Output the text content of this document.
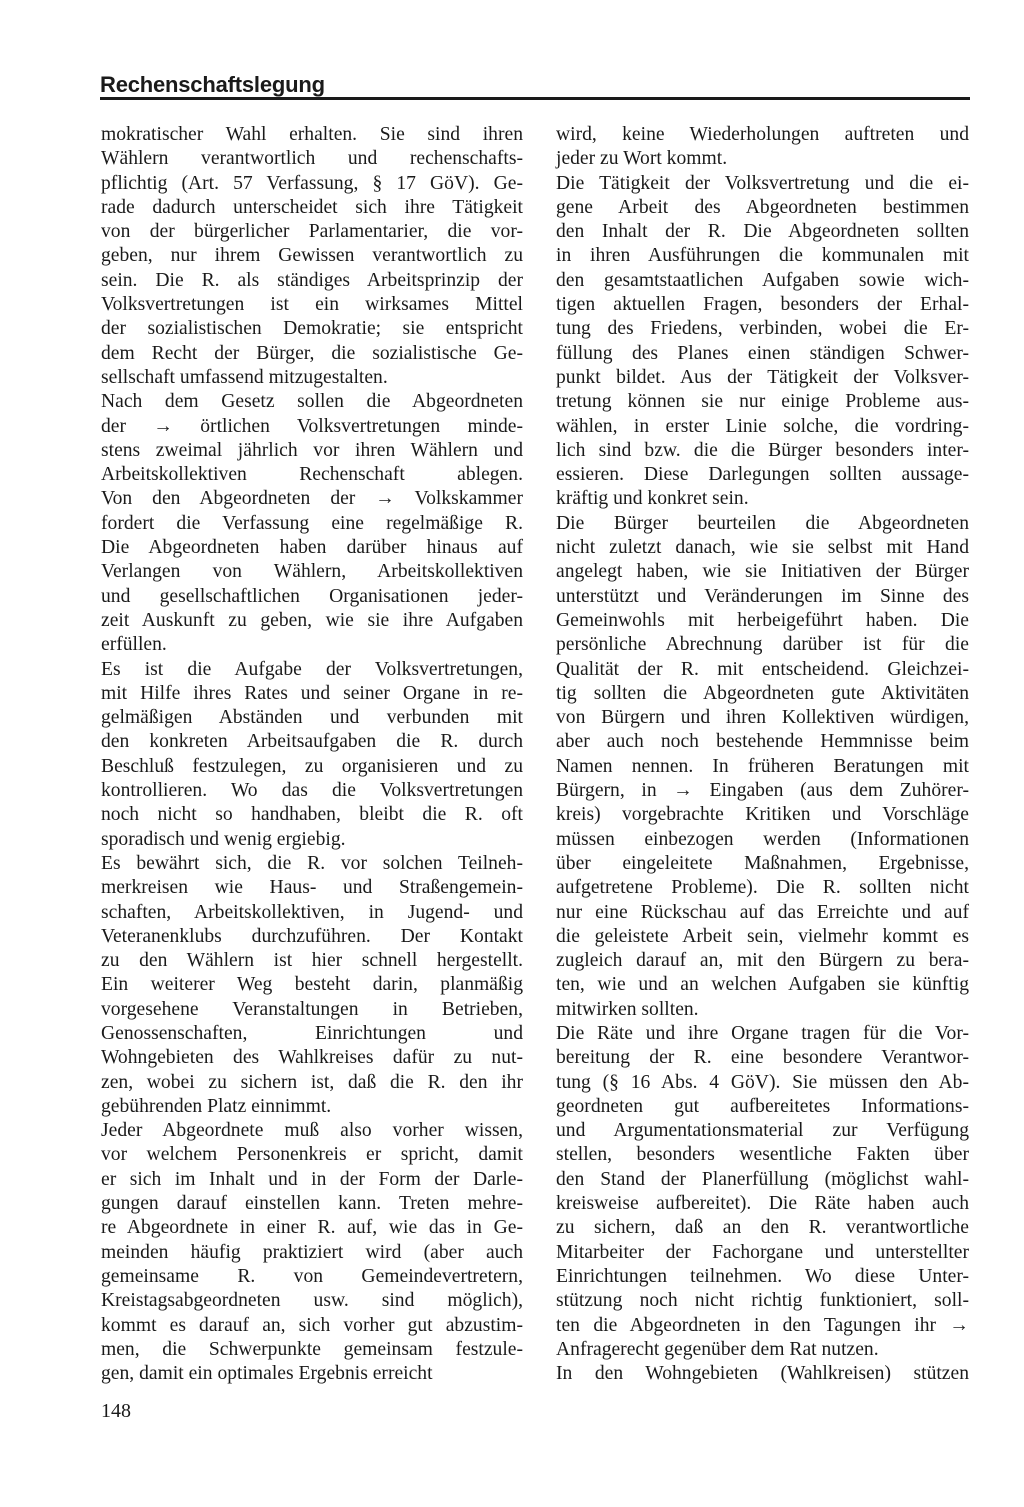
Rechenschaftslegung
mokratischer Wahl erhalten. Sie sind ihren
Wählern verantwortlich und rechenschafts-
pflichtig (Art. 57 Verfassung, § 17 GöV). Ge-
rade dadurch unterscheidet sich ihre Tätigkeit
von der bürgerlicher Parlamentarier, die vor-
geben, nur ihrem Gewissen verantwortlich zu
sein. Die R. als ständiges Arbeitsprinzip der
Volksvertretungen ist ein wirksames Mittel
der sozialistischen Demokratie; sie entspricht
dem Recht der Bürger, die sozialistische Ge-
sellschaft umfassend mitzugestalten.
Nach dem Gesetz sollen die Abgeordneten
der → örtlichen Volksvertretungen minde-
stens zweimal jährlich vor ihren Wählern und
Arbeitskollektiven Rechenschaft ablegen.
Von den Abgeordneten der → Volkskammer
fordert die Verfassung eine regelmäßige R.
Die Abgeordneten haben darüber hinaus auf
Verlangen von Wählern, Arbeitskollektiven
und gesellschaftlichen Organisationen jeder-
zeit Auskunft zu geben, wie sie ihre Aufgaben
erfüllen.
Es ist die Aufgabe der Volksvertretungen,
mit Hilfe ihres Rates und seiner Organe in re-
gelmäßigen Abständen und verbunden mit
den konkreten Arbeitsaufgaben die R. durch
Beschluß festzulegen, zu organisieren und zu
kontrollieren. Wo das die Volksvertretungen
noch nicht so handhaben, bleibt die R. oft
sporadisch und wenig ergiebig.
Es bewährt sich, die R. vor solchen Teilneh-
merkreisen wie Haus- und Straßengemein-
schaften, Arbeitskollektiven, in Jugend- und
Veteranenklubs durchzuführen. Der Kontakt
zu den Wählern ist hier schnell hergestellt.
Ein weiterer Weg besteht darin, planmäßig
vorgesehene Veranstaltungen in Betrieben,
Genossenschaften, Einrichtungen und
Wohngebieten des Wahlkreises dafür zu nut-
zen, wobei zu sichern ist, daß die R. den ihr
gebührenden Platz einnimmt.
Jeder Abgeordnete muß also vorher wissen,
vor welchem Personenkreis er spricht, damit
er sich im Inhalt und in der Form der Darle-
gungen darauf einstellen kann. Treten mehre-
re Abgeordnete in einer R. auf, wie das in Ge-
meinden häufig praktiziert wird (aber auch
gemeinsame R. von Gemeindevertretern,
Kreistagsabgeordneten usw. sind möglich),
kommt es darauf an, sich vorher gut abzustim-
men, die Schwerpunkte gemeinsam festzule-
gen, damit ein optimales Ergebnis erreicht
wird, keine Wiederholungen auftreten und
jeder zu Wort kommt.
Die Tätigkeit der Volksvertretung und die ei-
gene Arbeit des Abgeordneten bestimmen
den Inhalt der R. Die Abgeordneten sollten
in ihren Ausführungen die kommunalen mit
den gesamtstaatlichen Aufgaben sowie wich-
tigen aktuellen Fragen, besonders der Erhal-
tung des Friedens, verbinden, wobei die Er-
füllung des Planes einen ständigen Schwer-
punkt bildet. Aus der Tätigkeit der Volksver-
tretung können sie nur einige Probleme aus-
wählen, in erster Linie solche, die vordring-
lich sind bzw. die die Bürger besonders inter-
essieren. Diese Darlegungen sollten aussage-
kräftig und konkret sein.
Die Bürger beurteilen die Abgeordneten
nicht zuletzt danach, wie sie selbst mit Hand
angelegt haben, wie sie Initiativen der Bürger
unterstützt und Veränderungen im Sinne des
Gemeinwohls mit herbeigeführt haben. Die
persönliche Abrechnung darüber ist für die
Qualität der R. mit entscheidend. Gleichzei-
tig sollten die Abgeordneten gute Aktivitäten
von Bürgern und ihren Kollektiven würdigen,
aber auch noch bestehende Hemmnisse beim
Namen nennen. In früheren Beratungen mit
Bürgern, in → Eingaben (aus dem Zuhörer-
kreis) vorgebrachte Kritiken und Vorschläge
müssen einbezogen werden (Informationen
über eingeleitete Maßnahmen, Ergebnisse,
aufgetretene Probleme). Die R. sollten nicht
nur eine Rückschau auf das Erreichte und auf
die geleistete Arbeit sein, vielmehr kommt es
zugleich darauf an, mit den Bürgern zu bera-
ten, wie und an welchen Aufgaben sie künftig
mitwirken sollten.
Die Räte und ihre Organe tragen für die Vor-
bereitung der R. eine besondere Verantwor-
tung (§ 16 Abs. 4 GöV). Sie müssen den Ab-
geordneten gut aufbereitetes Informations-
und Argumentationsmaterial zur Verfügung
stellen, besonders wesentliche Fakten über
den Stand der Planerfüllung (möglichst wahl-
kreisweise aufbereitet). Die Räte haben auch
zu sichern, daß an den R. verantwortliche
Mitarbeiter der Fachorgane und unterstellter
Einrichtungen teilnehmen. Wo diese Unter-
stützung noch nicht richtig funktioniert, soll-
ten die Abgeordneten in den Tagungen ihr →
Anfragerecht gegenüber dem Rat nutzen.
In den Wohngebieten (Wahlkreisen) stützen
148
